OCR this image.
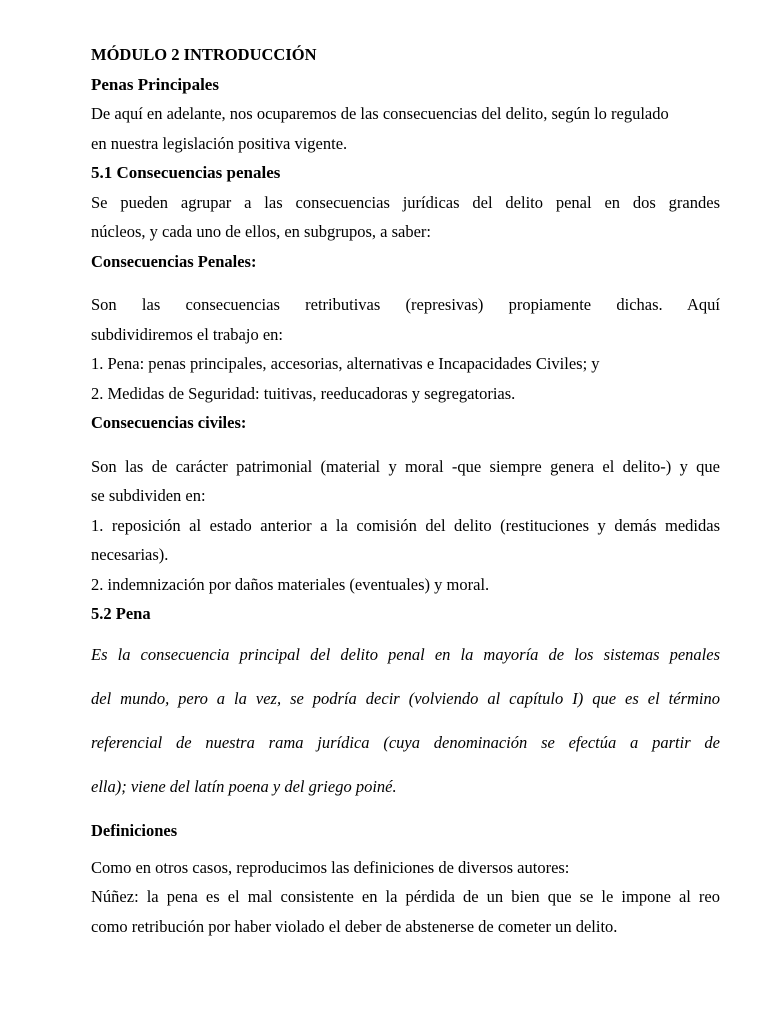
MÓDULO 2 INTRODUCCIÓN

Penas Principales

De aquí en adelante, nos ocuparemos de las consecuencias del delito, según lo regulado

en nuestra legislación positiva vigente.

5.1 Consecuencias penales

Se pueden agrupar a las consecuencias jurídicas del delito penal en dos grandes

núcleos, y cada uno de ellos, en subgrupos, a saber:

Consecuencias Penales:

Son las consecuencias retributivas (represivas) propiamente dichas. Aquí

subdividiremos el trabajo en:

1. Pena: penas principales, accesorias, alternativas e Incapacidades Civiles; y

2. Medidas de Seguridad: tuitivas, reeducadoras y segregatorias.

Consecuencias civiles:

Son las de carácter patrimonial (material y moral -que siempre genera el delito-) y que

se subdividen en:

1. reposición al estado anterior a la comisión del delito (restituciones y demás medidas

necesarias).

2. indemnización por daños materiales (eventuales) y moral.

5.2 Pena

Es la consecuencia principal del delito penal en la mayoría de los sistemas penales
del mundo, pero a la vez, se podría decir (volviendo al capítulo I) que es el término
referencial de nuestra rama jurídica (cuya denominación se efectúa a partir de
ella); viene del latín poena y del griego poiné.

Definiciones

Como en otros casos, reproducimos las definiciones de diversos autores:

Núñez: la pena es el mal consistente en la pérdida de un bien que se le impone al reo

como retribución por haber violado el deber de abstenerse de cometer un delito.
